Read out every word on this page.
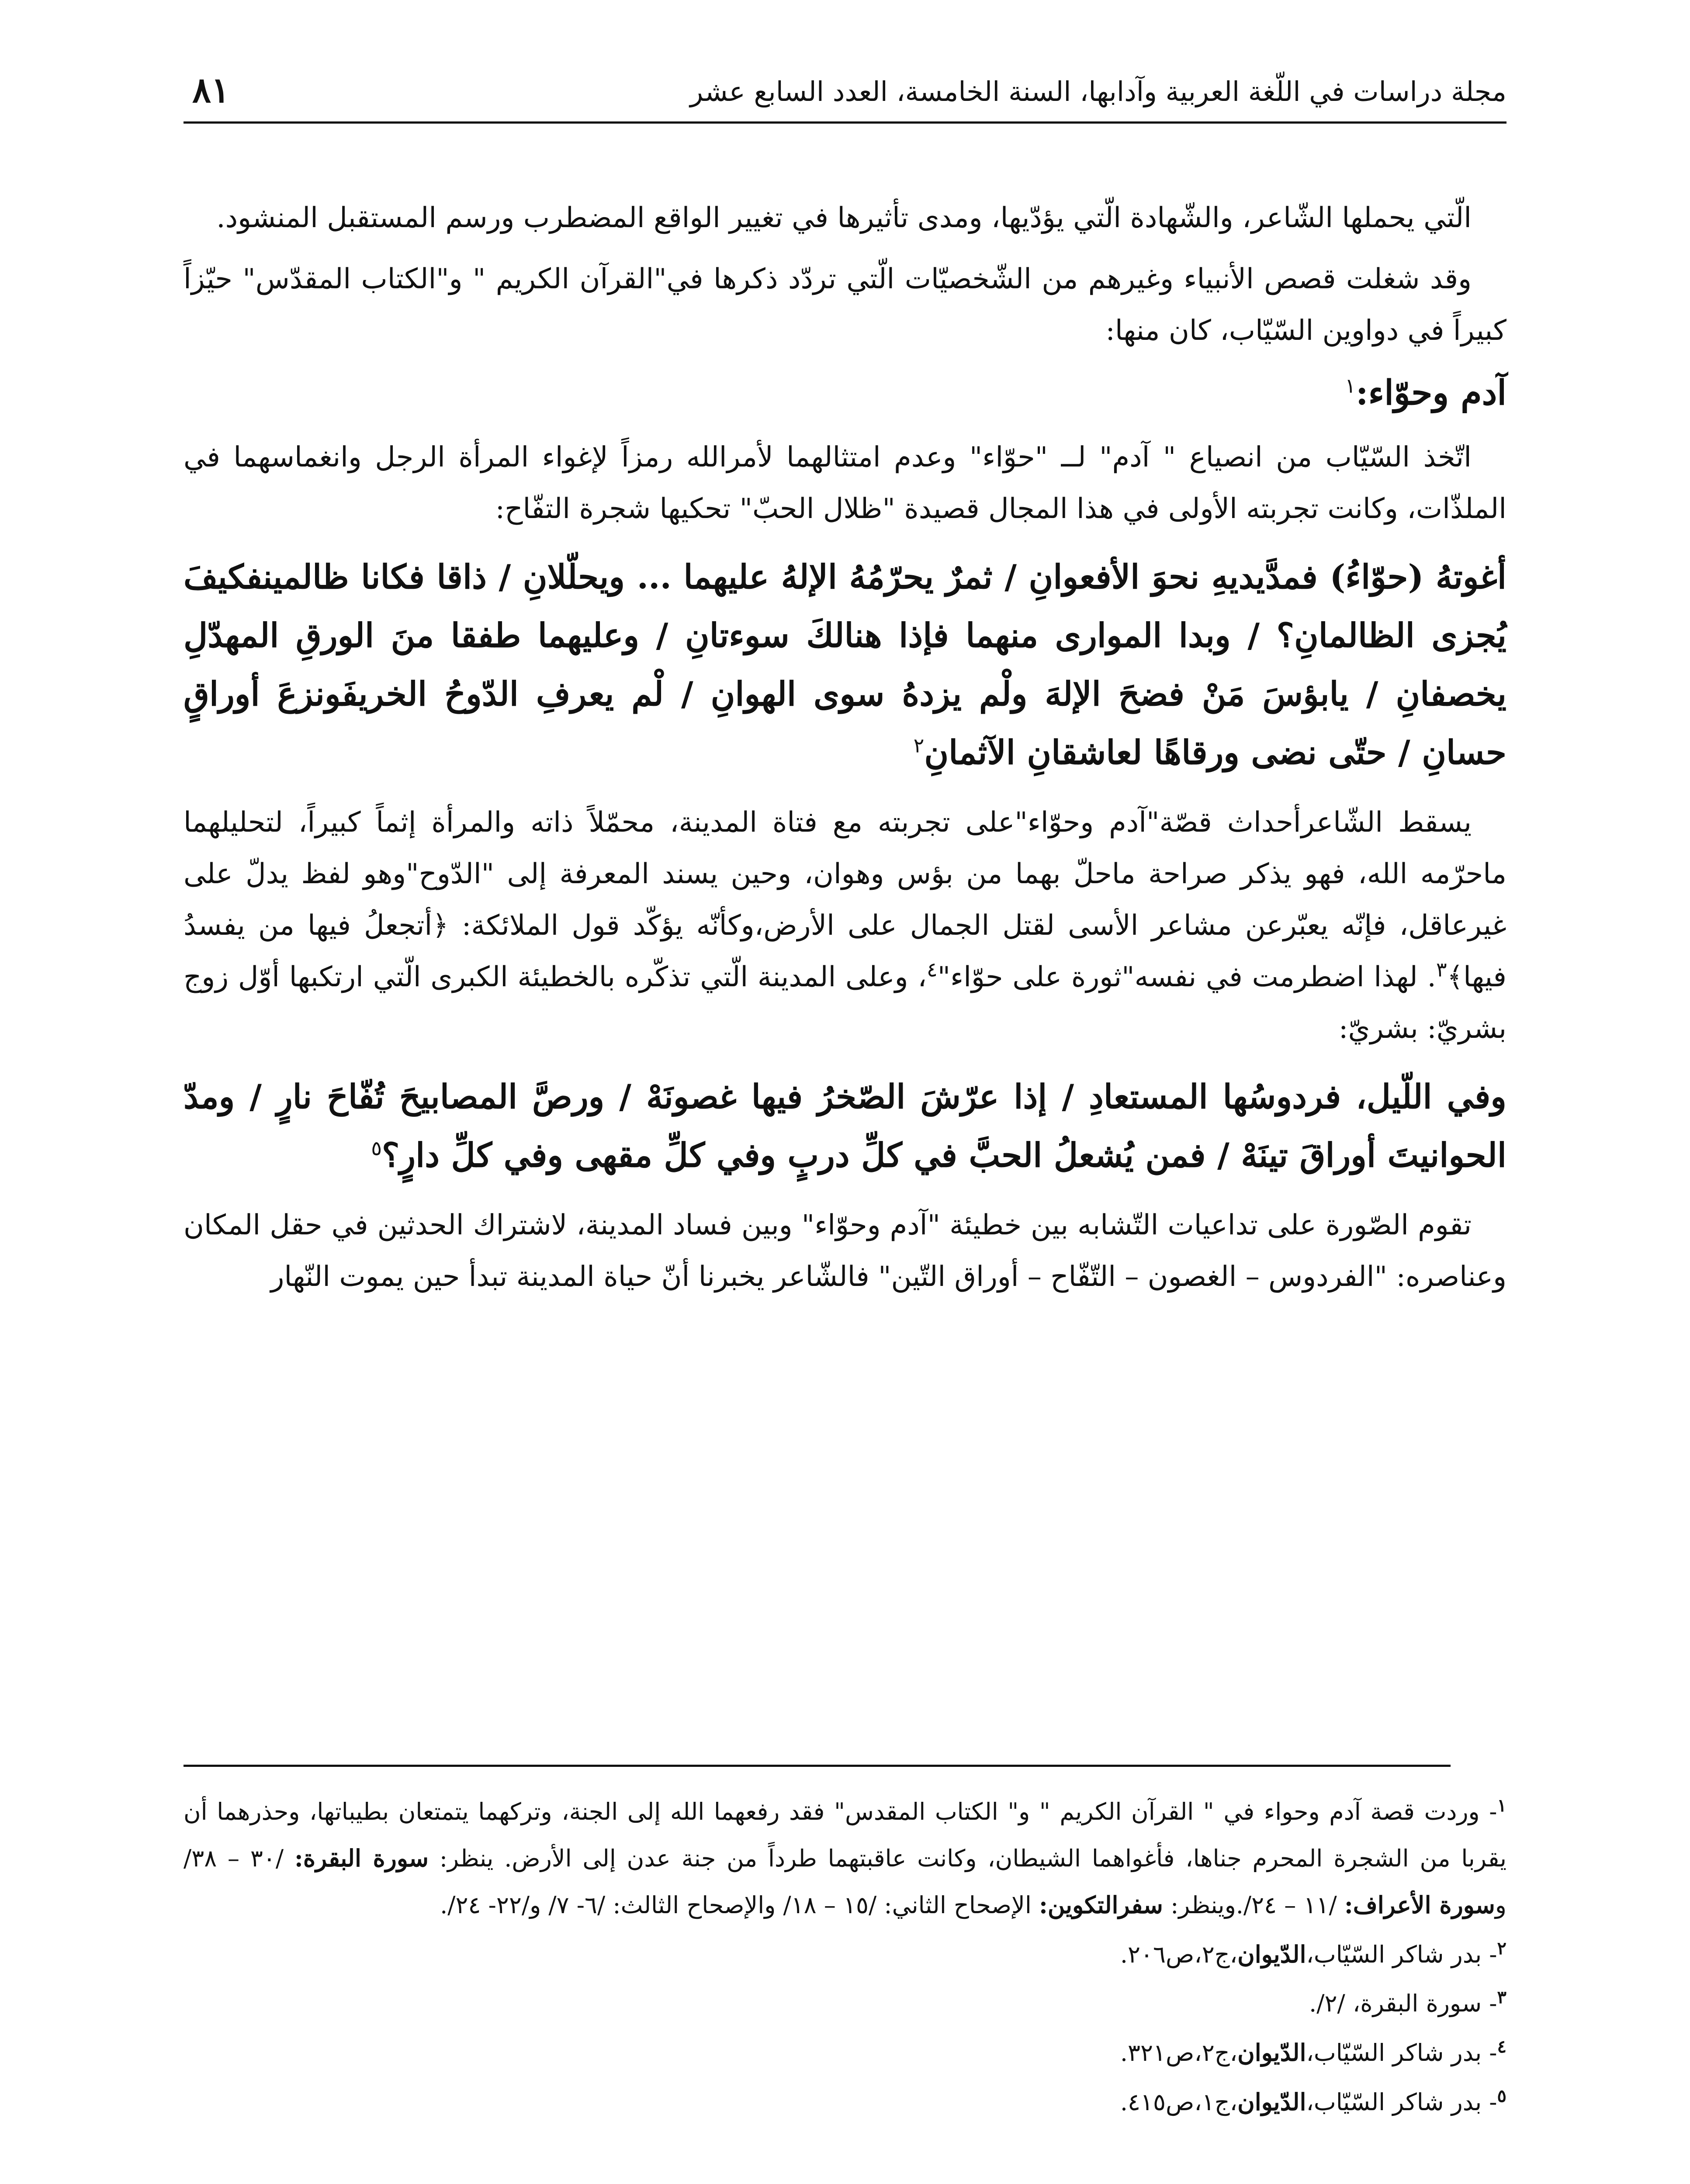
مجلة دراسات في اللّغة العربية وآدابها، السنة الخامسة، العدد السابع عشر
٨١

الّتي يحملها الشّاعر، والشّهادة الّتي يؤدّيها، ومدى تأثيرها في تغيير الواقع المضطرب ورسم المستقبل المنشود.

وقد شغلت قصص الأنبياء وغيرهم من الشّخصيّات الّتي تردّد ذكرها في"القرآن الكريم " و"الكتاب المقدّس" حيّزاً كبيراً في دواوين السّيّاب، كان منها:

آدم وحوّاء:$^١$

اتّخذ السّيّاب من انصياع " آدم" لــ "حوّاء" وعدم امتثالهما لأمرالله رمزاً لإغواء المرأة الرجل وانغماسهما في الملذّات، وكانت تجربته الأولى في هذا المجال قصيدة "ظلال الحبّ" تحكيها شجرة التفّاح:

أغوتهُ (حوّاءُ) فمدَّيديهِ نحوَ الأفعوانِ / ثمرٌ يحرّمُهُ الإلهُ عليهما ... ويحلّلانِ / ذاقا فكانا ظالمينفكيفَ يُجزى الظالمانِ؟ / وبدا الموارى منهما فإذا هنالكَ سوءتانِ / وعليهما طفقا منَ الورقِ المهدّلِ يخصفانِ / يابؤسَ مَنْ فضحَ الإلهَ ولْم يزدهُ سوى الهوانِ / لْم يعرفِ الدّوحُ الخريفَونزعَ أوراقٍ حسانِ / حتّى نضى ورقاهًا لعاشقانِ الآثمانِ$^٢$

يسقط الشّاعرأحداث قصّة"آدم وحوّاء"على تجربته مع فتاة المدينة، محمّلاً ذاته والمرأة إثماً كبيراً، لتحليلهما ماحرّمه الله، فهو يذكر صراحة ماحلّ بهما من بؤس وهوان، وحين يسند المعرفة إلى "الدّوح"وهو لفظ يدلّ على غيرعاقل، فإنّه يعبّرعن مشاعر الأسى لقتل الجمال على الأرض،وكأنّه يؤكّد قول الملائكة: ﴿أتجعلُ فيها من يفسدُ فيها﴾$^٣$. لهذا اضطرمت في نفسه"ثورة على حوّاء"$^٤$، وعلى المدينة الّتي تذكّره بالخطيئة الكبرى الّتي ارتكبها أوّل زوج بشريّ: بشريّ:

وفي اللّيل، فردوسُها المستعادِ / إذا عرّشَ الصّخرُ فيها غصونَهْ / ورصَّ المصابيحَ تُفّاحَ نارٍ / ومدّ الحوانيتَ أوراقَ تينَهْ / فمن يُشعلُ الحبَّ في كلِّ دربٍ وفي كلِّ مقهى وفي كلِّ دارٍ؟$^٥$

تقوم الصّورة على تداعيات التّشابه بين خطيئة "آدم وحوّاء" وبين فساد المدينة، لاشتراك الحدثين في حقل المكان وعناصره: "الفردوس – الغصون – التّفّاح – أوراق التّين" فالشّاعر يخبرنا أنّ حياة المدينة تبدأ حين يموت النّهار

$^١$- وردت قصة آدم وحواء في " القرآن الكريم " و" الكتاب المقدس" فقد رفعهما الله إلى الجنة، وتركهما يتمتعان بطيباتها، وحذرهما أن يقربا من الشجرة المحرم جناها، فأغواهما الشيطان، وكانت عاقبتهما طرداً من جنة عدن إلى الأرض. ينظر: سورة البقرة: /٣٠ – ٣٨/ وسورة الأعراف: /١١ – ٢٤/.وينظر: سفرالتكوين: الإصحاح الثاني: /١٥ – ١٨/ والإصحاح الثالث: /٦- ٧/ و/٢٢- ٢٤/.

$^٢$- بدر شاكر السّيّاب،الدّيوان،ج٢،ص٢٠٦.

$^٣$- سورة البقرة، /٢/.

$^٤$- بدر شاكر السّيّاب،الدّيوان،ج٢،ص٣٢١.

$^٥$- بدر شاكر السّيّاب،الدّيوان،ج١،ص٤١٥.
